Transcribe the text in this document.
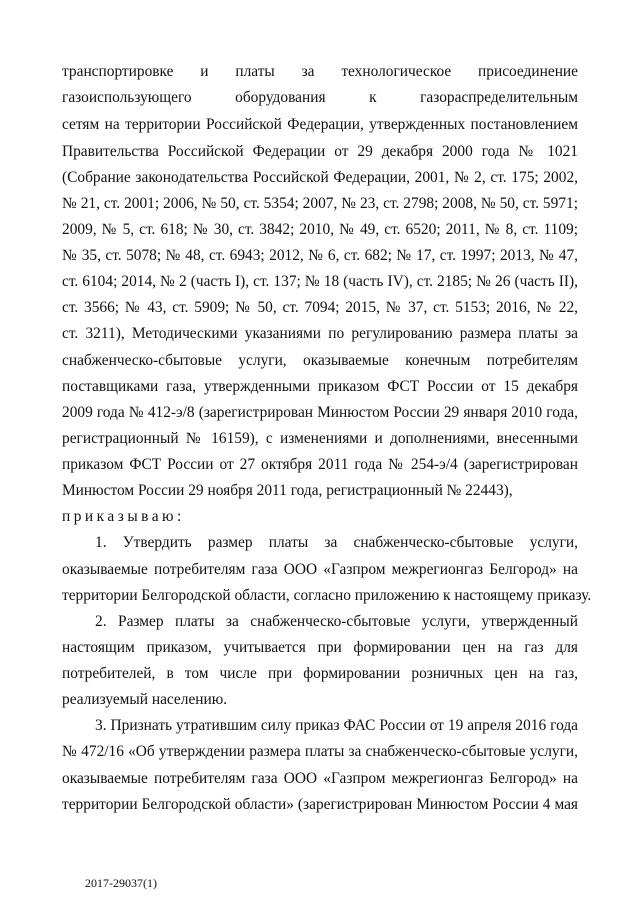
транспортировке и платы за технологическое присоединение
газоиспользующего оборудования к газораспределительным
сетям на территории Российской Федерации, утвержденных постановлением
Правительства Российской Федерации от 29 декабря 2000 года № 1021
(Собрание законодательства Российской Федерации, 2001, № 2, ст. 175; 2002,
№ 21, ст. 2001; 2006, № 50, ст. 5354; 2007, № 23, ст. 2798; 2008, № 50, ст. 5971;
2009, № 5, ст. 618; № 30, ст. 3842; 2010, № 49, ст. 6520; 2011, № 8, ст. 1109;
№ 35, ст. 5078; № 48, ст. 6943; 2012, № 6, ст. 682; № 17, ст. 1997; 2013, № 47,
ст. 6104; 2014, № 2 (часть I), ст. 137; № 18 (часть IV), ст. 2185; № 26 (часть II),
ст. 3566; № 43, ст. 5909; № 50, ст. 7094; 2015, № 37, ст. 5153; 2016, № 22,
ст. 3211), Методическими указаниями по регулированию размера платы за
снабженческо-сбытовые услуги, оказываемые конечным потребителям
поставщиками газа, утвержденными приказом ФСТ России от 15 декабря
2009 года № 412-э/8 (зарегистрирован Минюстом России 29 января 2010 года,
регистрационный № 16159), с изменениями и дополнениями, внесенными
приказом ФСТ России от 27 октября 2011 года № 254-э/4 (зарегистрирован
Минюстом России 29 ноября 2011 года, регистрационный № 22443),
приказываю:
1. Утвердить размер платы за снабженческо-сбытовые услуги,
оказываемые потребителям газа ООО «Газпром межрегионгаз Белгород» на
территории Белгородской области, согласно приложению к настоящему приказу.
2. Размер платы за снабженческо-сбытовые услуги, утвержденный
настоящим приказом, учитывается при формировании цен на газ для
потребителей, в том числе при формировании розничных цен на газ,
реализуемый населению.
3. Признать утратившим силу приказ ФАС России от 19 апреля 2016 года
№ 472/16 «Об утверждении размера платы за снабженческо-сбытовые услуги,
оказываемые потребителям газа ООО «Газпром межрегионгаз Белгород» на
территории Белгородской области» (зарегистрирован Минюстом России 4 мая
2017-29037(1)
